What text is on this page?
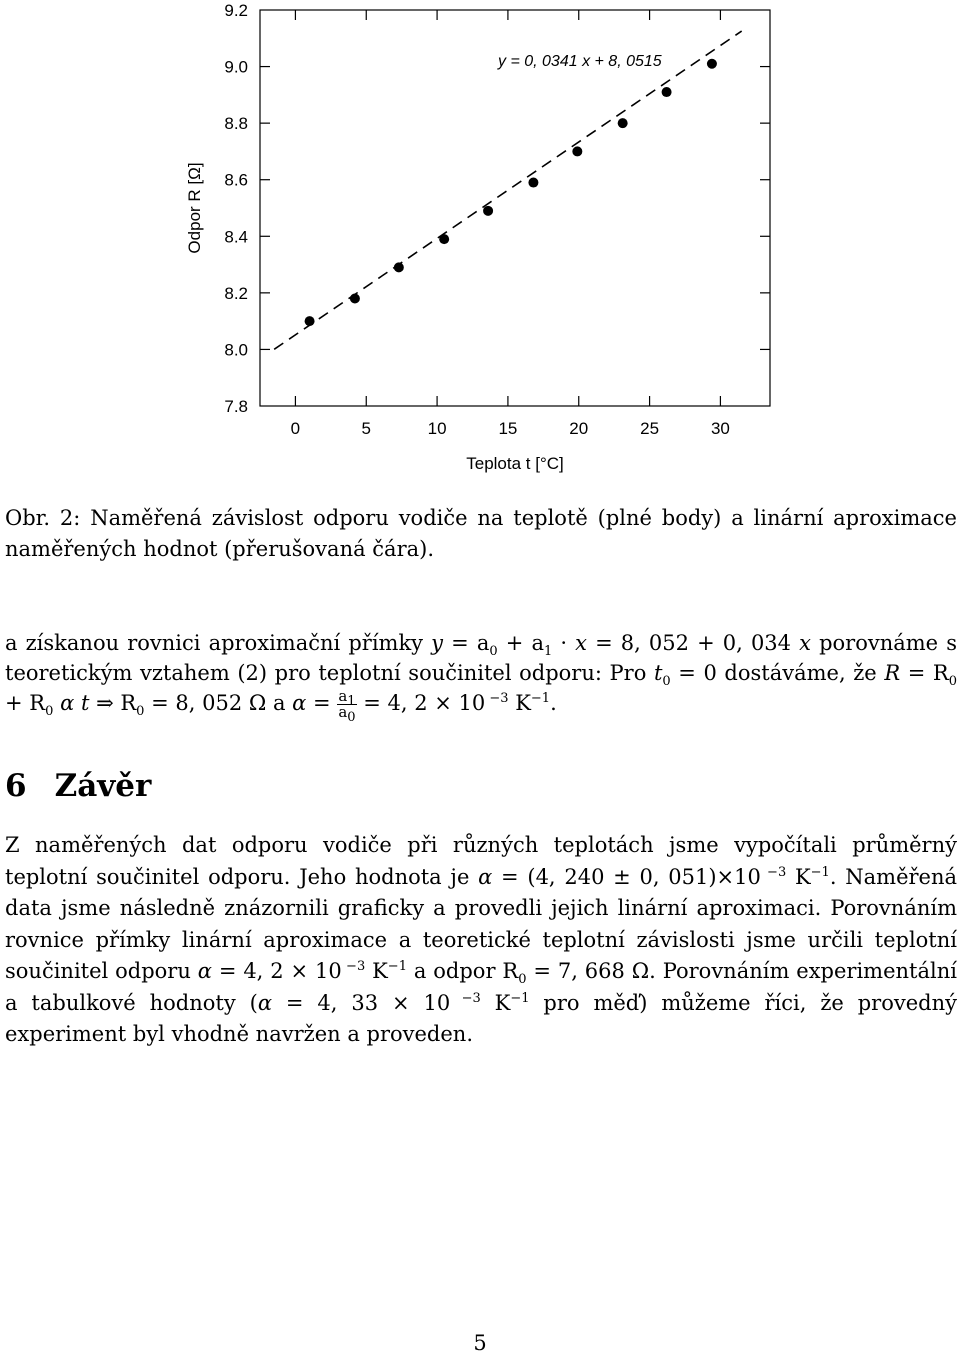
7.8
8.0
8.2
8.4
8.6
8.8
9.0
9.2
0	5	10	15	20	25	30
y = 0, 0341 x + 8, 0515
Teplota t [°C]
Odpor R [Ω]

Obr. 2: Naměřená závislost odporu vodiče na teplotě (plné body) a linární aproximace naměřených hodnot (přerušovaná čára).

a získanou rovnici aproximační přímky $y = a_0 + a_1 \cdot x = 8$, 052 + 0, 034 x porovnáme s teoretickým vztahem (2) pro teplotní součinitel odporu: Pro $t_0 = 0$ dostáváme, že $R = R_0 + R_0$ α t ⇒ $R_0 = 8$, 052 Ω a $\alpha = \frac{a_1}{a_0} = 4$, 2 × 10 $^{-3}$ $K^{-1}$.

6 Závěr

Z naměřených dat odporu vodiče při různých teplotách jsme vypočítali průměrný teplotní součinitel odporu. Jeho hodnota je α = (4, 240 ± 0, 051)×10 $^{-3}$ $K^{-1}$. Naměřená data jsme následně znázornili graficky a provedli jejich linární aproximaci. Porovnáním rovnice přímky linární aproximace a teoretické teplotní závislosti jsme určili teplotní součinitel odporu α = 4, 2 × 10 $^{-3}$ $K^{-1}$ a odpor $R_0 = 7$, 668 Ω. Porovnáním experimentální a tabulkové hodnoty (α = 4, 33 × 10 $^{-3}$ $K^{-1}$ pro měď) můžeme říci, že provedný experiment byl vhodně navržen a proveden.

5
